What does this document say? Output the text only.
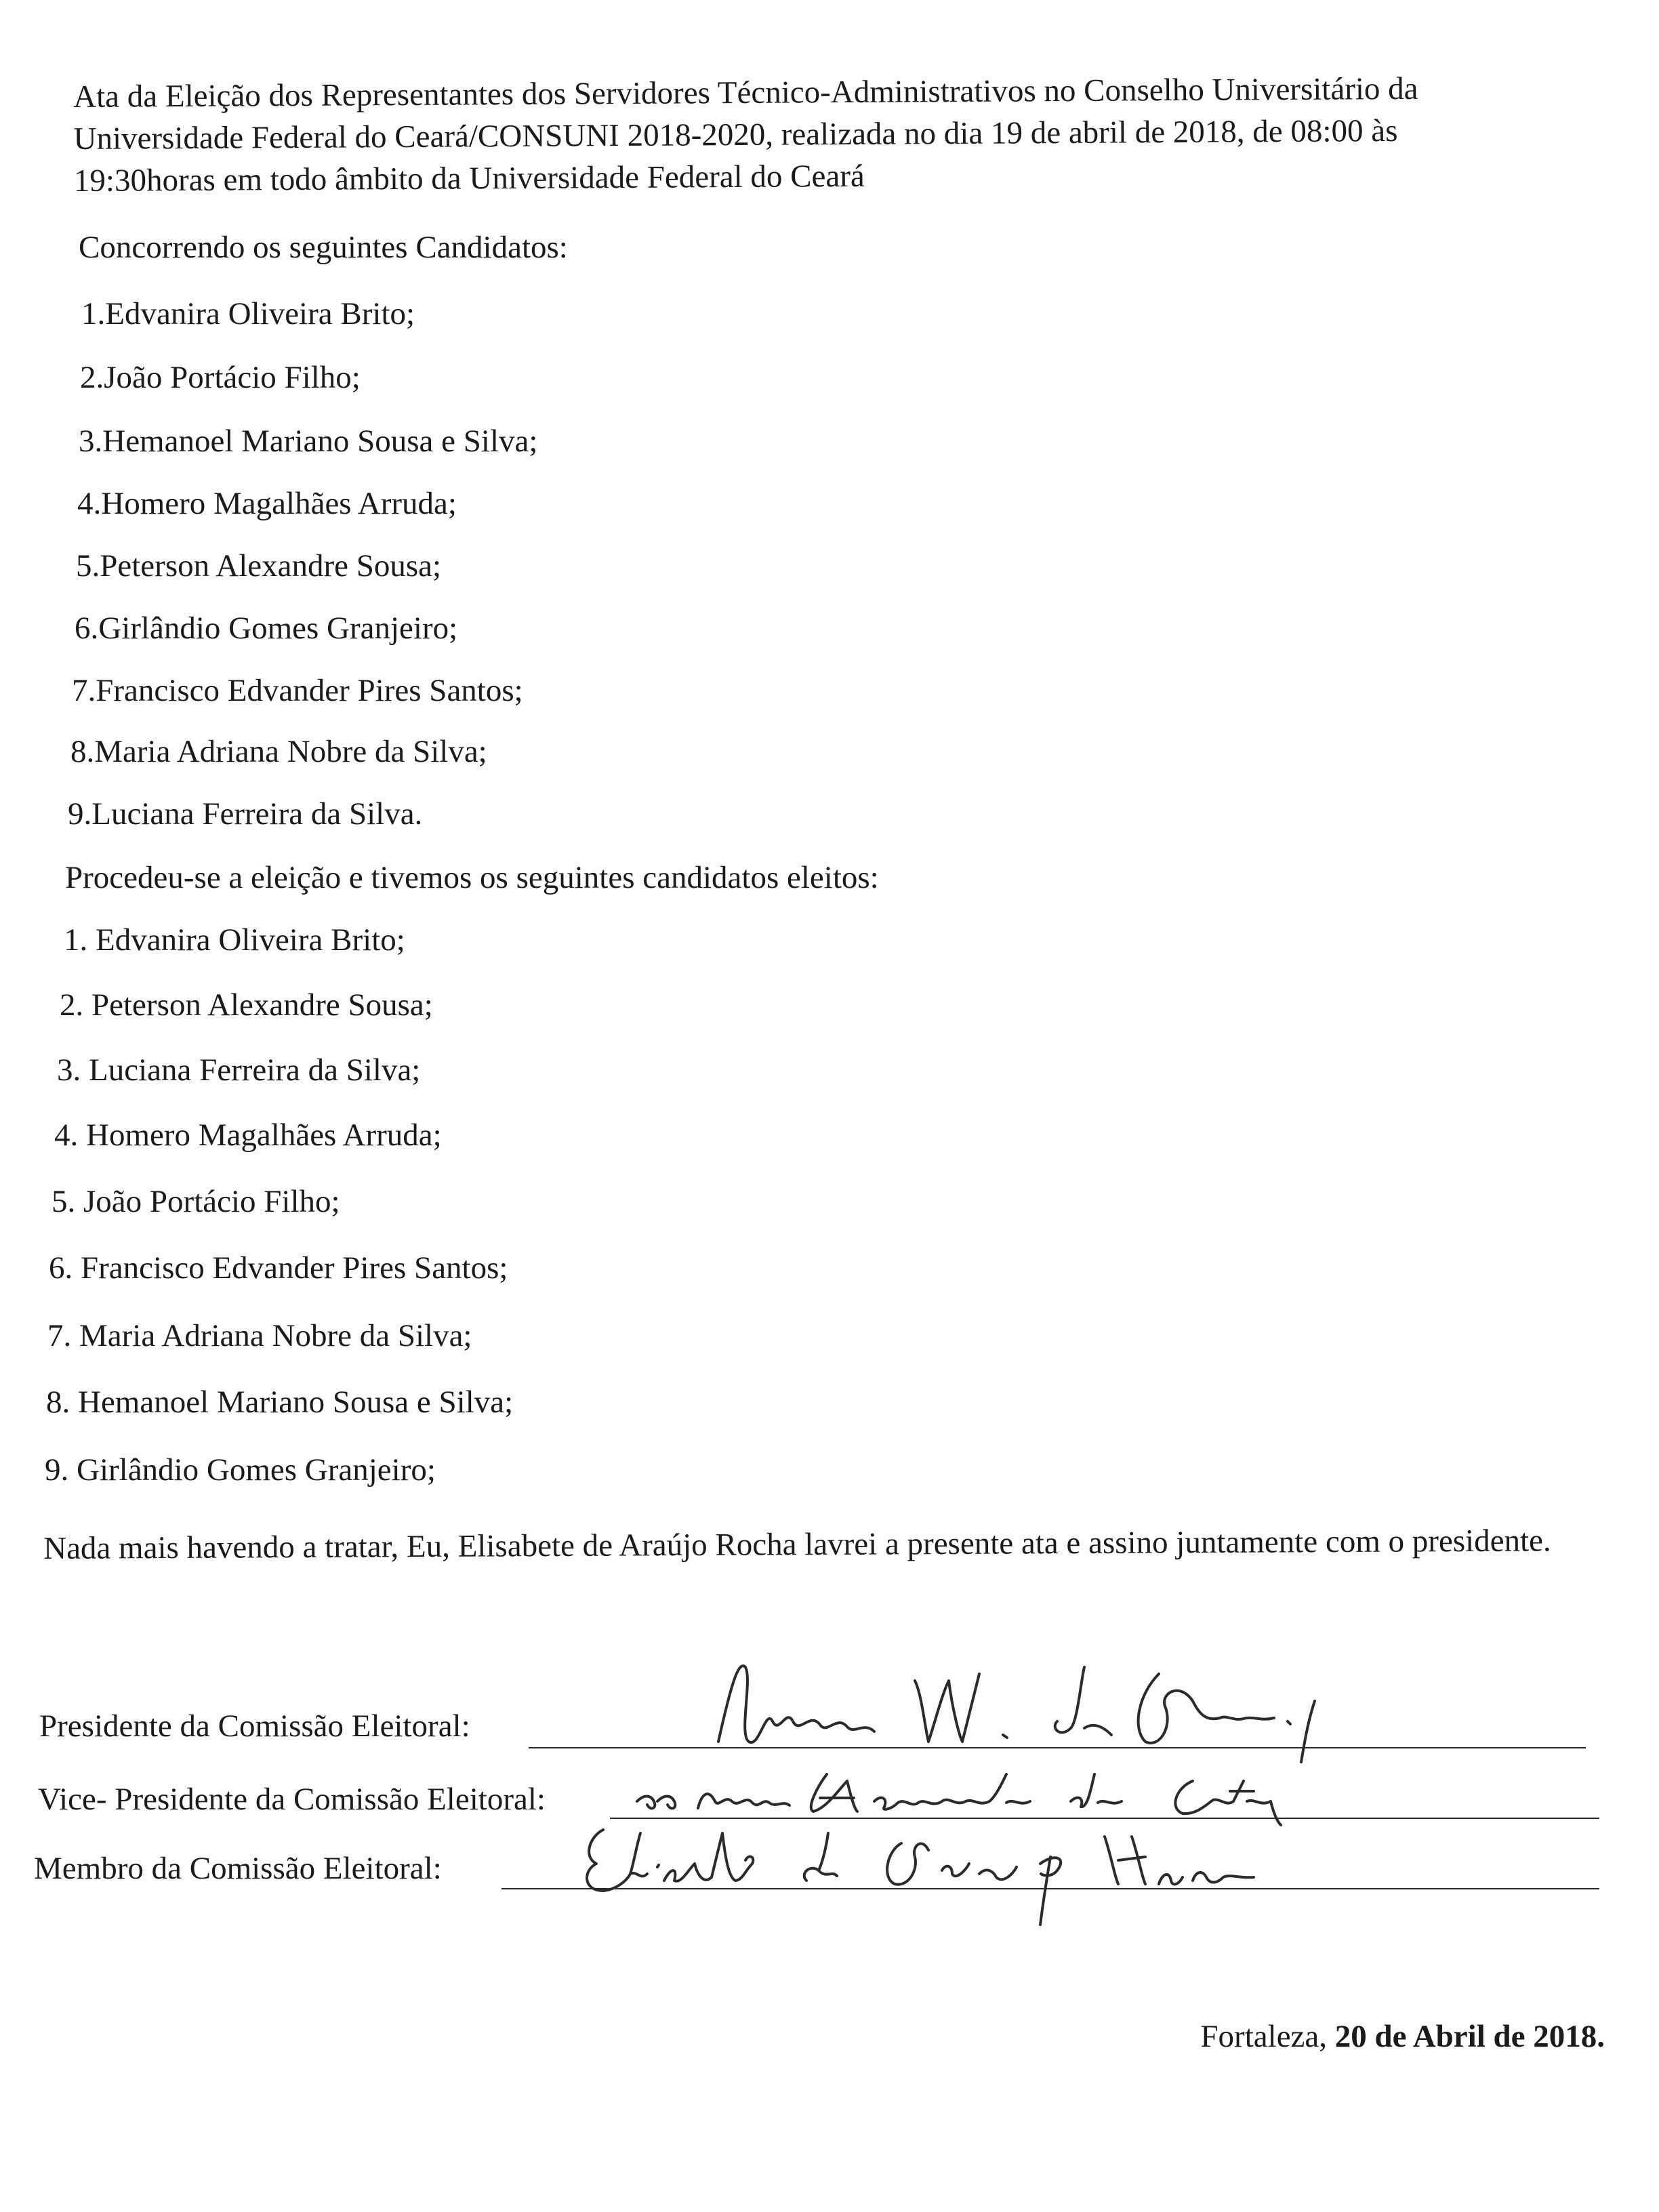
Ata da Eleição dos Representantes dos Servidores Técnico-Administrativos no Conselho Universitário da Universidade Federal do Ceará/CONSUNI 2018-2020, realizada no dia 19 de abril de 2018, de 08:00 às 19:30horas em todo âmbito da Universidade Federal do Ceará
Concorrendo os seguintes Candidatos:
1.Edvanira Oliveira Brito;
2.João Portácio Filho;
3.Hemanoel Mariano Sousa e Silva;
4.Homero Magalhães Arruda;
5.Peterson Alexandre Sousa;
6.Girlândio Gomes Granjeiro;
7.Francisco Edvander Pires Santos;
8.Maria Adriana Nobre da Silva;
9.Luciana Ferreira da Silva.
Procedeu-se a eleição e tivemos os seguintes candidatos eleitos:
1. Edvanira Oliveira Brito;
2. Peterson Alexandre Sousa;
3. Luciana Ferreira da Silva;
4. Homero Magalhães Arruda;
5. João Portácio Filho;
6. Francisco Edvander Pires Santos;
7. Maria Adriana Nobre da Silva;
8. Hemanoel Mariano Sousa e Silva;
9. Girlândio Gomes Granjeiro;
Nada mais havendo a tratar, Eu, Elisabete de Araújo Rocha lavrei a presente ata e assino juntamente com o presidente.
Presidente da Comissão Eleitoral:
Vice- Presidente da Comissão Eleitoral:
Membro da Comissão Eleitoral:
Fortaleza, 20 de Abril de 2018.
